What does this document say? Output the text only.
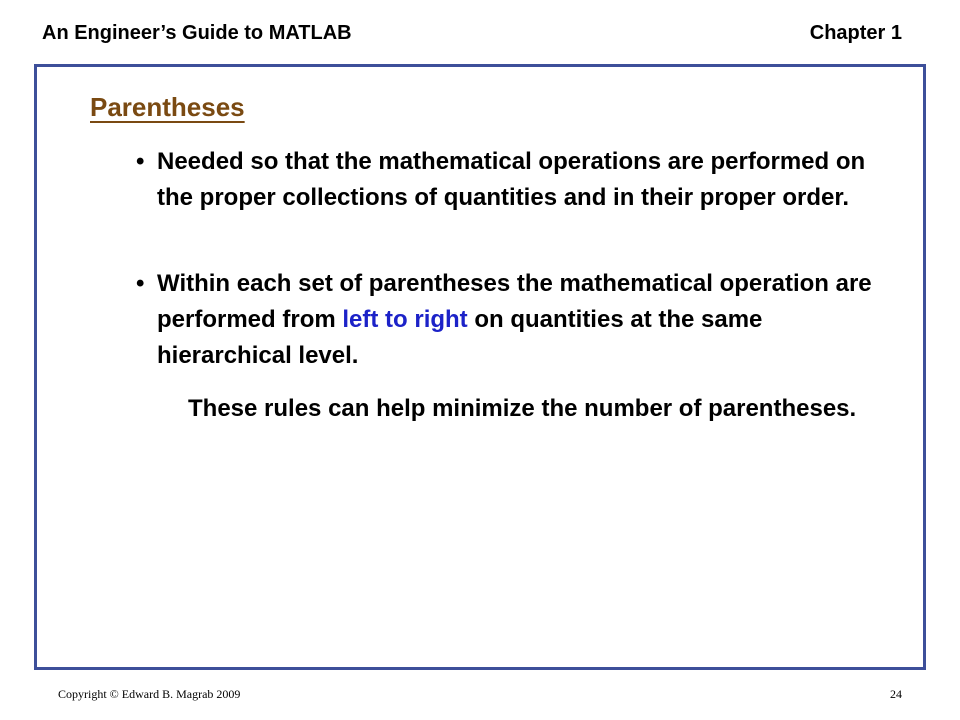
An Engineer’s Guide to MATLAB	Chapter 1
Parentheses
• Needed so that the mathematical operations are performed on the proper collections of quantities and in their proper order.
• Within each set of parentheses the mathematical operation are performed from left to right on quantities at the same hierarchical level.
These rules can help minimize the number of parentheses.
Copyright © Edward B. Magrab 2009	24
